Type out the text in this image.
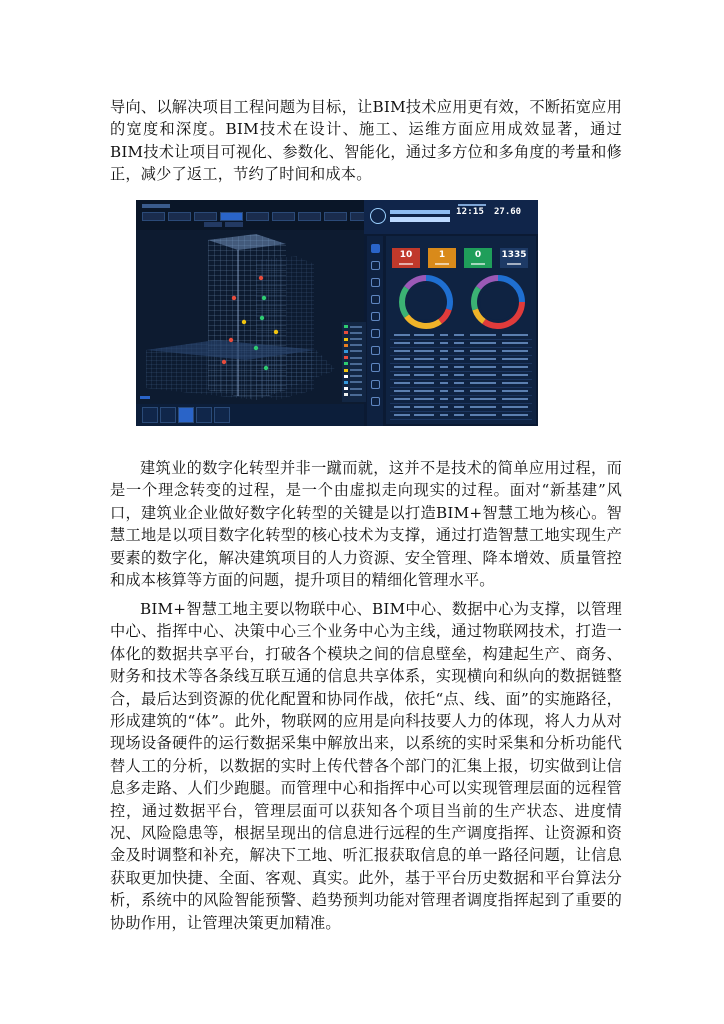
导向、以解决项目工程问题为目标，让BIM技术应用更有效，不断拓宽应用的宽度和深度。BIM技术在设计、施工、运维方面应用成效显著，通过BIM技术让项目可视化、参数化、智能化，通过多方位和多角度的考量和修正，减少了返工，节约了时间和成本。

12:15 27.60
10	1	0	1335

建筑业的数字化转型并非一蹴而就，这并不是技术的简单应用过程，而是一个理念转变的过程，是一个由虚拟走向现实的过程。面对“新基建”风口，建筑业企业做好数字化转型的关键是以打造BIM+智慧工地为核心。智慧工地是以项目数字化转型的核心技术为支撑，通过打造智慧工地实现生产要素的数字化，解决建筑项目的人力资源、安全管理、降本增效、质量管控和成本核算等方面的问题，提升项目的精细化管理水平。

BIM+智慧工地主要以物联中心、BIM中心、数据中心为支撑，以管理中心、指挥中心、决策中心三个业务中心为主线，通过物联网技术，打造一体化的数据共享平台，打破各个模块之间的信息壁垒，构建起生产、商务、财务和技术等各条线互联互通的信息共享体系，实现横向和纵向的数据链整合，最后达到资源的优化配置和协同作战，依托“点、线、面”的实施路径，形成建筑的“体”。此外，物联网的应用是向科技要人力的体现，将人力从对现场设备硬件的运行数据采集中解放出来，以系统的实时采集和分析功能代替人工的分析，以数据的实时上传代替各个部门的汇集上报，切实做到让信息多走路、人们少跑腿。而管理中心和指挥中心可以实现管理层面的远程管控，通过数据平台，管理层面可以获知各个项目当前的生产状态、进度情况、风险隐患等，根据呈现出的信息进行远程的生产调度指挥、让资源和资金及时调整和补充，解决下工地、听汇报获取信息的单一路径问题，让信息获取更加快捷、全面、客观、真实。此外，基于平台历史数据和平台算法分析，系统中的风险智能预警、趋势预判功能对管理者调度指挥起到了重要的协助作用，让管理决策更加精准。
